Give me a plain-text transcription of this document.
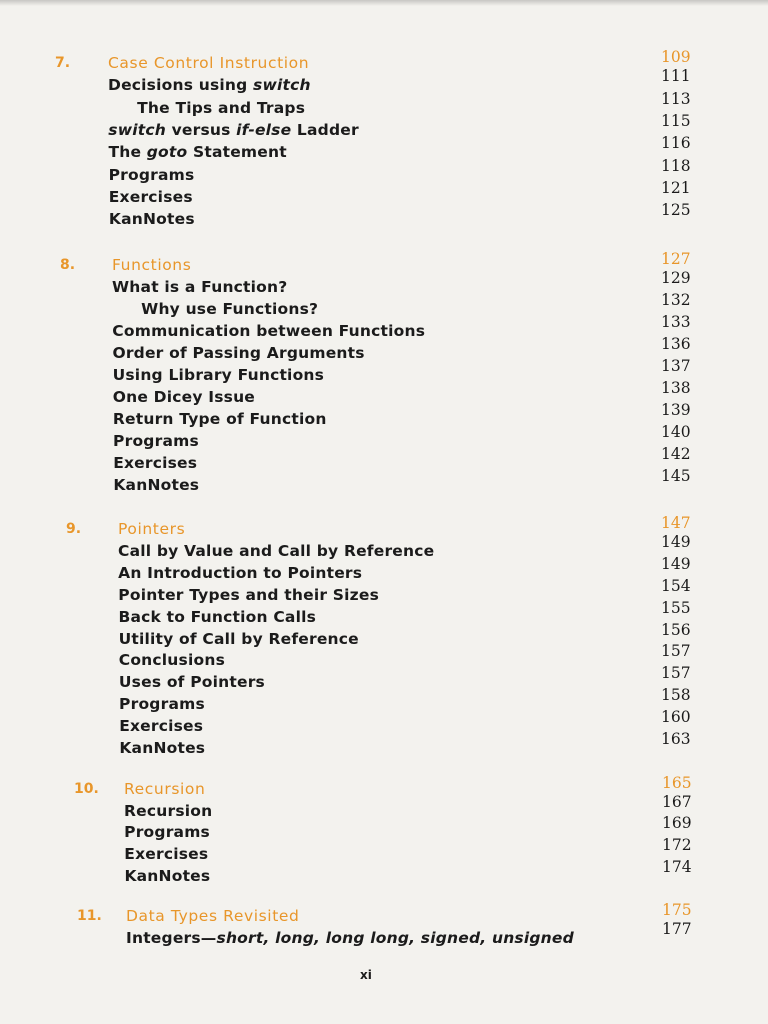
7. Case Control Instruction	109
Decisions using switch	111
The Tips and Traps	113
switch versus if-else Ladder	115
The goto Statement	116
Programs	118
Exercises	121
KanNotes	125
8. Functions	127
What is a Function?	129
Why use Functions?	132
Communication between Functions	133
Order of Passing Arguments	136
Using Library Functions	137
One Dicey Issue	138
Return Type of Function	139
Programs	140
Exercises	142
KanNotes	145
9. Pointers	147
Call by Value and Call by Reference	149
An Introduction to Pointers	149
Pointer Types and their Sizes	154
Back to Function Calls	155
Utility of Call by Reference	156
Conclusions	157
Uses of Pointers	157
Programs	158
Exercises	160
KanNotes	163
10. Recursion	165
Recursion	167
Programs	169
Exercises	172
KanNotes	174
11. Data Types Revisited	175
Integers—short, long, long long, signed, unsigned	177
xi
